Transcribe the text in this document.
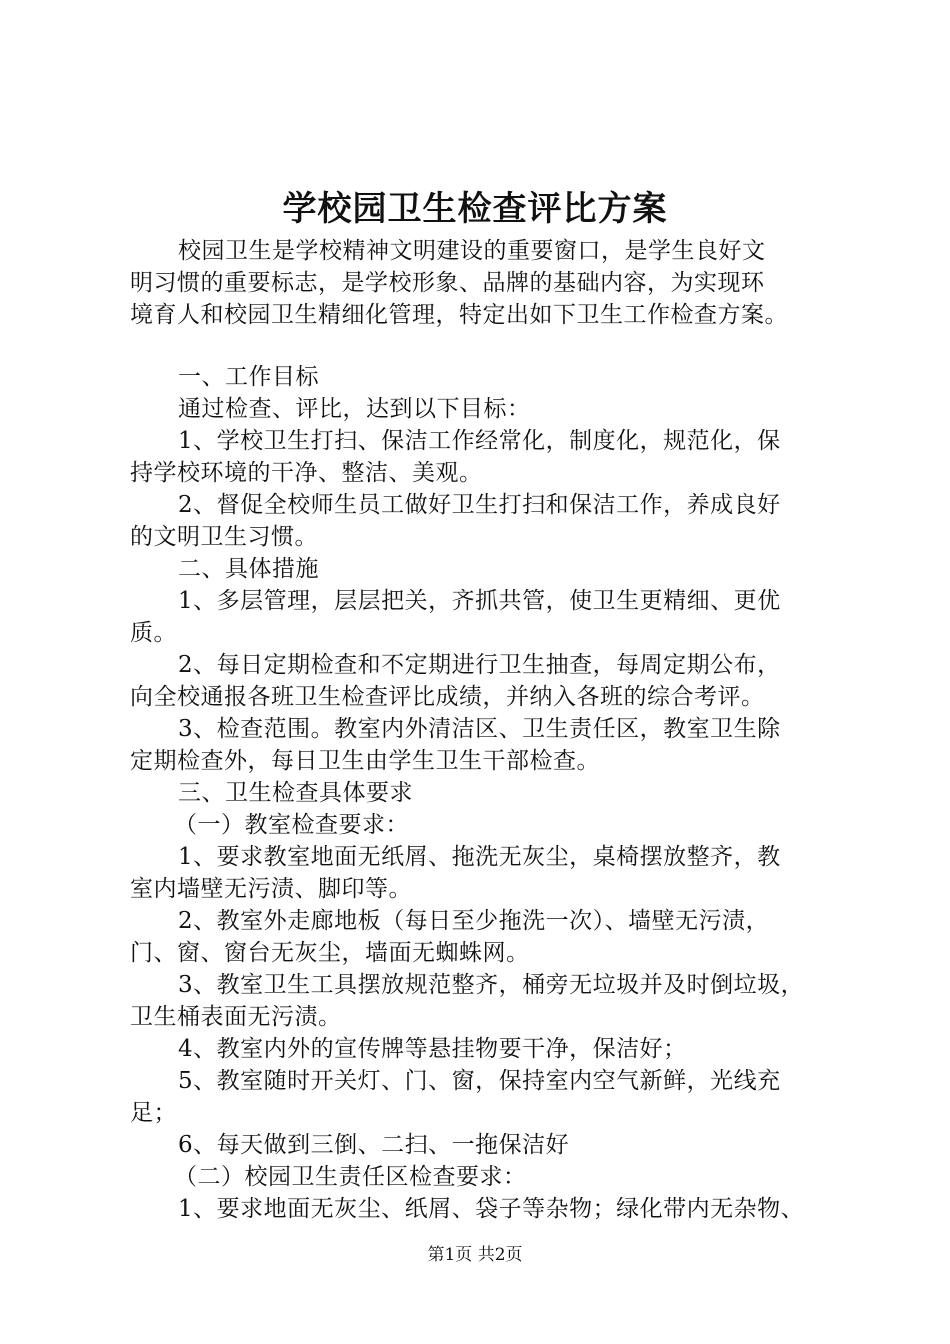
学校园卫生检查评比方案
校园卫生是学校精神文明建设的重要窗口，是学生良好文
明习惯的重要标志，是学校形象、品牌的基础内容，为实现环
境育人和校园卫生精细化管理，特定出如下卫生工作检查方案。
一、工作目标
通过检查、评比，达到以下目标：
1、学校卫生打扫、保洁工作经常化，制度化，规范化，保
持学校环境的干净、整洁、美观。
2、督促全校师生员工做好卫生打扫和保洁工作，养成良好
的文明卫生习惯。
二、具体措施
1、多层管理，层层把关，齐抓共管，使卫生更精细、更优
质。
2、每日定期检查和不定期进行卫生抽查，每周定期公布，
向全校通报各班卫生检查评比成绩，并纳入各班的综合考评。
3、检查范围。教室内外清洁区、卫生责任区，教室卫生除
定期检查外，每日卫生由学生卫生干部检查。
三、卫生检查具体要求
（一）教室检查要求：
1、要求教室地面无纸屑、拖洗无灰尘，桌椅摆放整齐，教
室内墙壁无污渍、脚印等。
2、教室外走廊地板（每日至少拖洗一次）、墙壁无污渍，
门、窗、窗台无灰尘，墙面无蜘蛛网。
3、教室卫生工具摆放规范整齐，桶旁无垃圾并及时倒垃圾，
卫生桶表面无污渍。
4、教室内外的宣传牌等悬挂物要干净，保洁好；
5、教室随时开关灯、门、窗，保持室内空气新鲜，光线充
足；
6、每天做到三倒、二扫、一拖保洁好
（二）校园卫生责任区检查要求：
1、要求地面无灰尘、纸屑、袋子等杂物；绿化带内无杂物、
第1页 共2页
